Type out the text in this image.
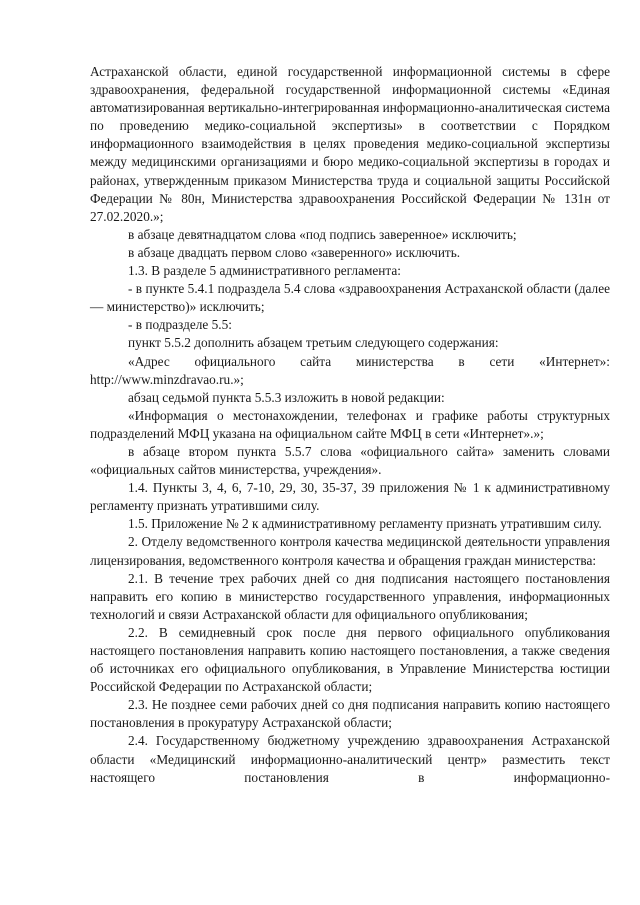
Астраханской области, единой государственной информационной системы в сфере здравоохранения, федеральной государственной информационной системы «Единая автоматизированная вертикально-интегрированная информационно-аналитическая система по проведению медико-социальной экспертизы» в соответствии с Порядком информационного взаимодействия в целях проведения медико-социальной экспертизы между медицинскими организациями и бюро медико-социальной экспертизы в городах и районах, утвержденным приказом Министерства труда и социальной защиты Российской Федерации № 80н, Министерства здравоохранения Российской Федерации № 131н от 27.02.2020.»;

в абзаце девятнадцатом слова «под подпись заверенное» исключить;

в абзаце двадцать первом слово «заверенного» исключить.

1.3. В разделе 5 административного регламента:

- в пункте 5.4.1 подраздела 5.4 слова «здравоохранения Астраханской области (далее — министерство)» исключить;

- в подразделе 5.5:

пункт 5.5.2 дополнить абзацем третьим следующего содержания:

«Адрес официального сайта министерства в сети «Интернет»: http://www.minzdravao.ru.»;

абзац седьмой пункта 5.5.3 изложить в новой редакции:

«Информация о местонахождении, телефонах и графике работы структурных подразделений МФЦ указана на официальном сайте МФЦ в сети «Интернет».»;

в абзаце втором пункта 5.5.7 слова «официального сайта» заменить словами «официальных сайтов министерства, учреждения».

1.4. Пункты 3, 4, 6, 7-10, 29, 30, 35-37, 39 приложения № 1 к административному регламенту признать утратившими силу.

1.5. Приложение № 2 к административному регламенту признать утратившим силу.

2. Отделу ведомственного контроля качества медицинской деятельности управления лицензирования, ведомственного контроля качества и обращения граждан министерства:

2.1. В течение трех рабочих дней со дня подписания настоящего постановления направить его копию в министерство государственного управления, информационных технологий и связи Астраханской области для официального опубликования;

2.2. В семидневный срок после дня первого официального опубликования настоящего постановления направить копию настоящего постановления, а также сведения об источниках его официального опубликования, в Управление Министерства юстиции Российской Федерации по Астраханской области;

2.3. Не позднее семи рабочих дней со дня подписания направить копию настоящего постановления в прокуратуру Астраханской области;

2.4. Государственному бюджетному учреждению здравоохранения Астраханской области «Медицинский информационно-аналитический центр» разместить текст настоящего постановления в информационно-
